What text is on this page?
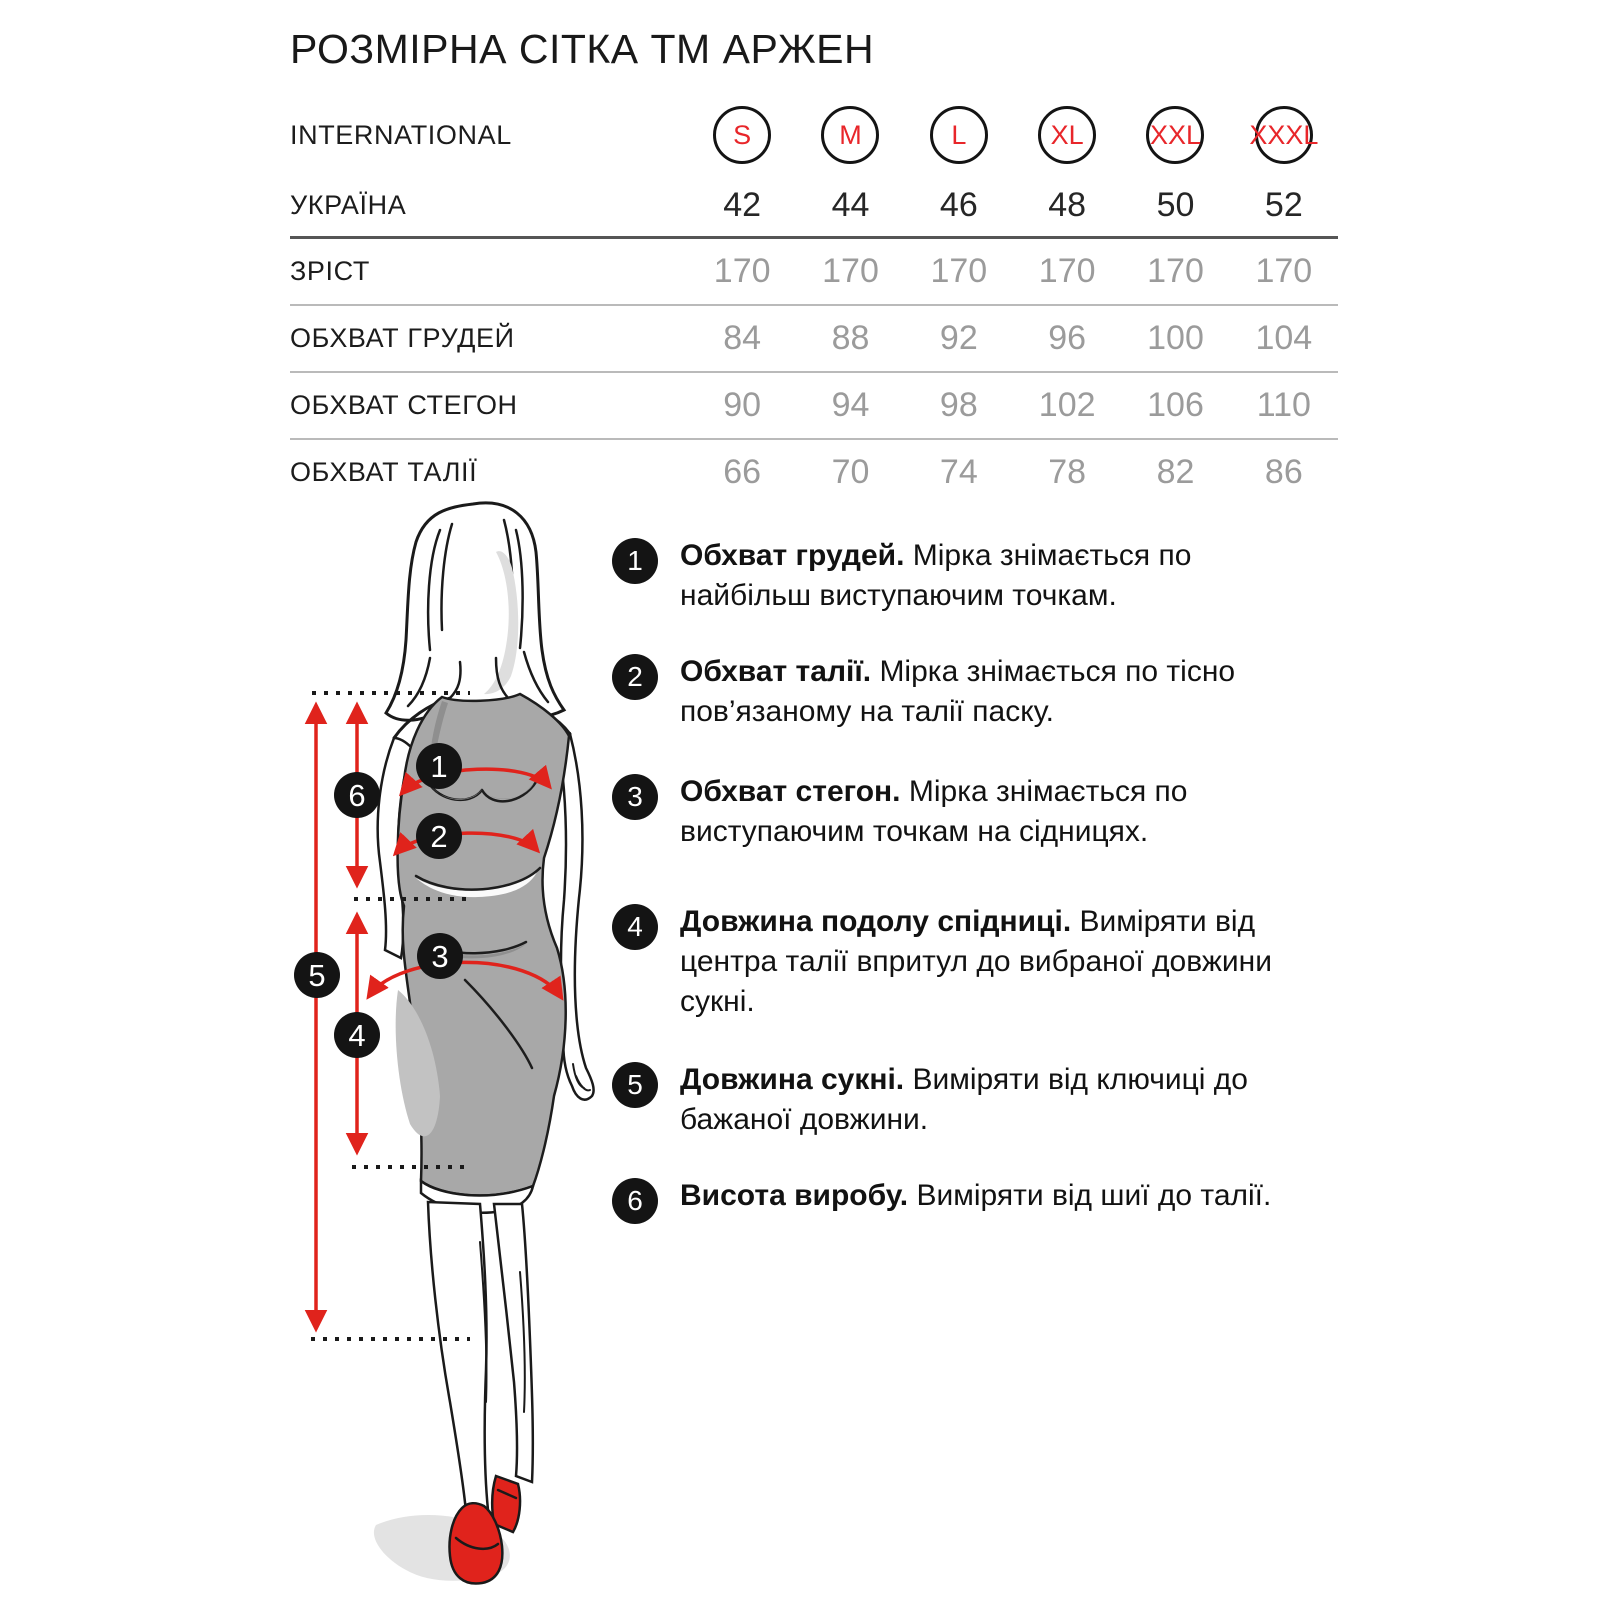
РОЗМІРНА СІТКА ТМ АРЖЕН
INTERNATIONAL	S	M	L	XL	XXL	XXXL
УКРАЇНА	42	44	46	48	50	52
ЗРІСТ	170	170	170	170	170	170
ОБХВАТ ГРУДЕЙ	84	88	92	96	100	104
ОБХВАТ СТЕГОН	90	94	98	102	106	110
ОБХВАТ ТАЛІЇ	66	70	74	78	82	86
1
2
3
4
5
6
1	Обхват грудей. Мірка знімається по найбільш виступаючим точкам.

2	Обхват талії. Мірка знімається по тісно пов’язаному на талії паску.

3	Обхват стегон. Мірка знімається по виступаючим точкам на сідницях.

4	Довжина подолу спідниці. Виміряти від центра талії впритул до вибраної довжини сукні.

5	Довжина сукні. Виміряти від ключиці до бажаної довжини.

6	Висота виробу. Виміряти від шиї до талії.
